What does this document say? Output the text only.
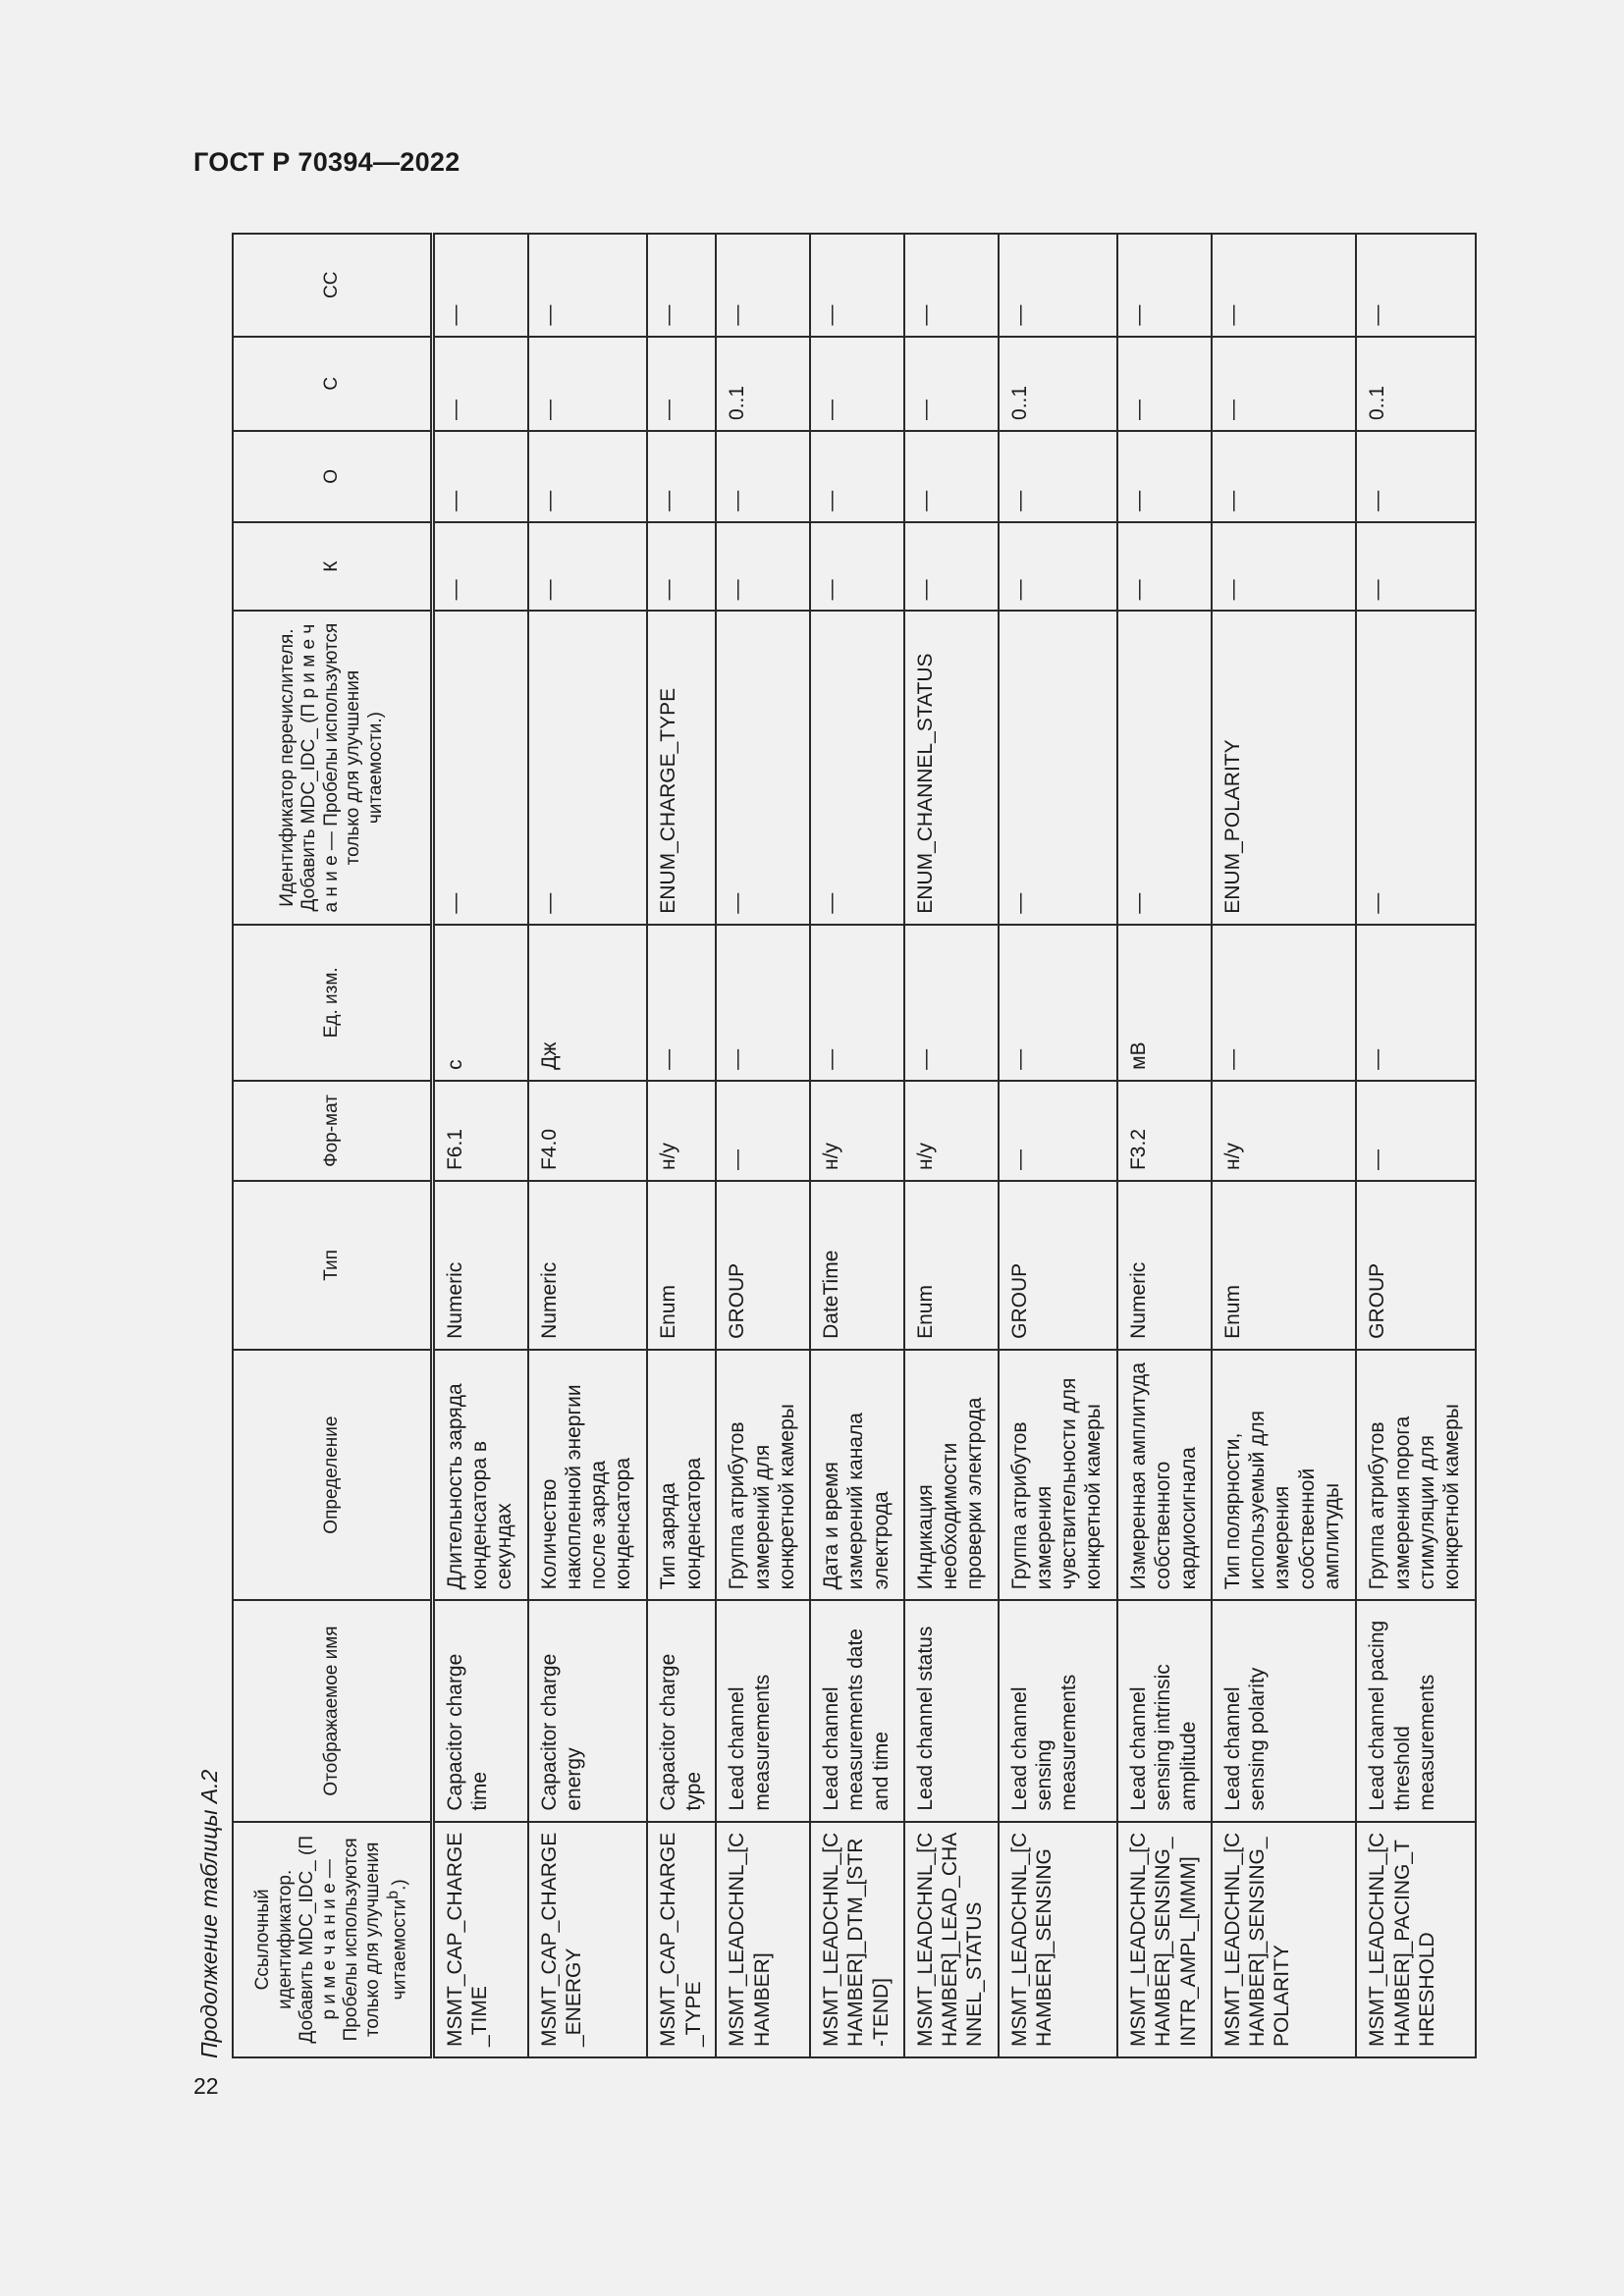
ГОСТ Р 70394—2022
Продолжение таблицы А.2	Ссылочный идентификатор. Добавить MDC_IDC_ (П р и м е ч а н и е — Пробелы используются только для улучшения читаемости$^b$.)	Отображаемое имя	Определение	Тип	Фор-мат	Ед. изм.	Идентификатор перечислителя. Добавить MDC_IDC_ (П р и м е ч а н и е — Пробелы используются только для улучшения читаемости.)	К	О	С	СС
MSMT_CAP_CHARGE_TIME	Capacitor charge time	Длительность заряда конденсатора в секундах	Numeric	F6.1	с	—	—	—	—	—
MSMT_CAP_CHARGE_ENERGY	Capacitor charge energy	Количество накопленной энергии после заряда конденсатора	Numeric	F4.0	Дж	—	—	—	—	—
MSMT_CAP_CHARGE_TYPE	Capacitor charge type	Тип заряда конденсатора	Enum	н/у	—	ENUM_CHARGE_TYPE	—	—	—	—
MSMT_LEADCHNL_[CHAMBER]	Lead channel measurements	Группа атрибутов измерений для конкретной камеры	GROUP	—	—	—	—	—	0..1	—
MSMT_LEADCHNL_[CHAMBER]_DTM_[STR-TEND]	Lead channel measurements date and time	Дата и время измерений канала электрода	DateTime	н/у	—	—	—	—	—	—
MSMT_LEADCHNL_[CHAMBER]_LEAD_CHANNEL_STATUS	Lead channel status	Индикация необходимости проверки электрода	Enum	н/у	—	ENUM_CHANNEL_STATUS	—	—	—	—
MSMT_LEADCHNL_[CHAMBER]_SENSING	Lead channel sensing measurements	Группа атрибутов измерения чувствительности для конкретной камеры	GROUP	—	—	—	—	—	0..1	—
MSMT_LEADCHNL_[CHAMBER]_SENSING_INTR_AMPL_[MMM]	Lead channel sensing intrinsic amplitude	Измеренная амплитуда собственного кардиосигнала	Numeric	F3.2	мВ	—	—	—	—	—
MSMT_LEADCHNL_[CHAMBER]_SENSING_POLARITY	Lead channel sensing polarity	Тип полярности, используемый для измерения собственной амплитуды	Enum	н/у	—	ENUM_POLARITY	—	—	—	—
MSMT_LEADCHNL_[CHAMBER]_PACING_THRESHOLD	Lead channel pacing threshold measurements	Группа атрибутов измерения порога стимуляции для конкретной камеры	GROUP	—	—	—	—	—	0..1	—
22
